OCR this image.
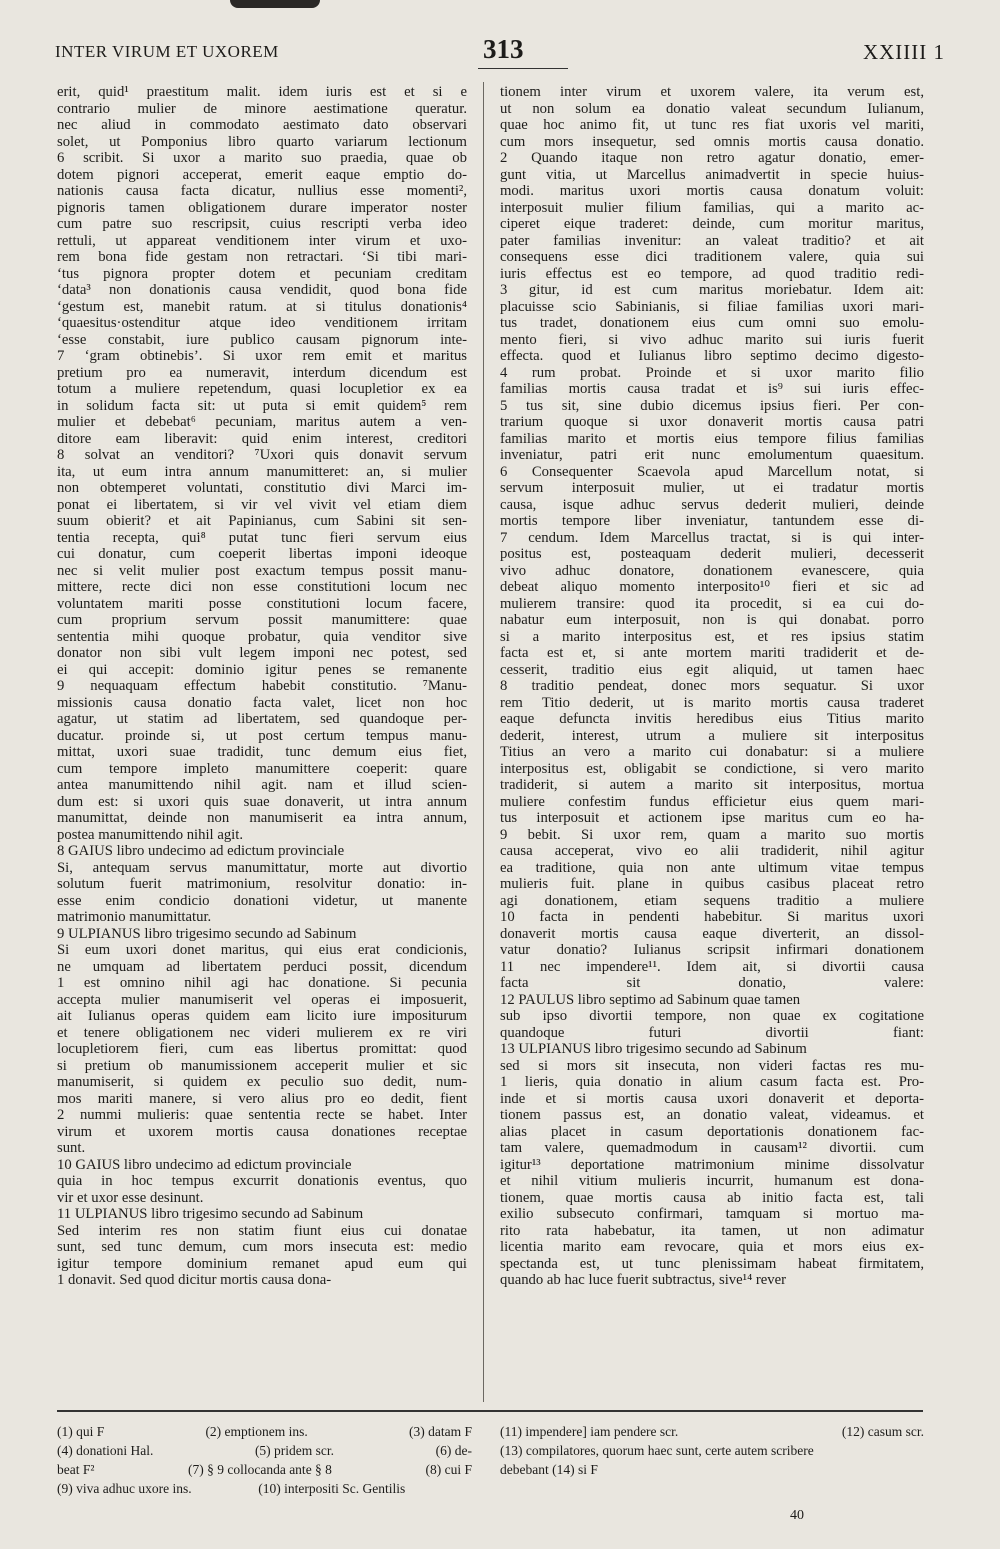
INTER VIRUM ET UXOREM	313	XXIIII 1
erit, quid¹ praestitum malit. idem iuris est et si e
contrario mulier de minore aestimatione queratur.
nec aliud in commodato aestimato dato observari
solet, ut Pomponius libro quarto variarum lectionum
6 scribit. Si uxor a marito suo praedia, quae ob
dotem pignori acceperat, emerit eaque emptio do-
nationis causa facta dicatur, nullius esse momenti²,
pignoris tamen obligationem durare imperator noster
cum patre suo rescripsit, cuius rescripti verba ideo
rettuli, ut appareat venditionem inter virum et uxo-
rem bona fide gestam non retractari. ‘Si tibi mari-
‘tus pignora propter dotem et pecuniam creditam
‘data³ non donationis causa vendidit, quod bona fide
‘gestum est, manebit ratum. at si titulus donationis⁴
‘quaesitus·ostenditur atque ideo venditionem irritam
‘esse constabit, iure publico causam pignorum inte-
7 ‘gram obtinebis’. Si uxor rem emit et maritus
pretium pro ea numeravit, interdum dicendum est
totum a muliere repetendum, quasi locupletior ex ea
in solidum facta sit: ut puta si emit quidem⁵ rem
mulier et debebat⁶ pecuniam, maritus autem a ven-
ditore eam liberavit: quid enim interest, creditori
8 solvat an venditori? ⁷Uxori quis donavit servum
ita, ut eum intra annum manumitteret: an, si mulier
non obtemperet voluntati, constitutio divi Marci im-
ponat ei libertatem, si vir vel vivit vel etiam diem
suum obierit? et ait Papinianus, cum Sabini sit sen-
tentia recepta, qui⁸ putat tunc fieri servum eius
cui donatur, cum coeperit libertas imponi ideoque
nec si velit mulier post exactum tempus possit manu-
mittere, recte dici non esse constitutioni locum nec
voluntatem mariti posse constitutioni locum facere,
cum proprium servum possit manumittere: quae
sententia mihi quoque probatur, quia venditor sive
donator non sibi vult legem imponi nec potest, sed
ei qui accepit: dominio igitur penes se remanente
9 nequaquam effectum habebit constitutio. ⁷Manu-
missionis causa donatio facta valet, licet non hoc
agatur, ut statim ad libertatem, sed quandoque per-
ducatur. proinde si, ut post certum tempus manu-
mittat, uxori suae tradidit, tunc demum eius fiet,
cum tempore impleto manumittere coeperit: quare
antea manumittendo nihil agit. nam et illud scien-
dum est: si uxori quis suae donaverit, ut intra annum
manumittat, deinde non manumiserit ea intra annum,
postea manumittendo nihil agit.
8 GAIUS libro undecimo ad edictum provinciale
Si, antequam servus manumittatur, morte aut divortio
solutum fuerit matrimonium, resolvitur donatio: in-
esse enim condicio donationi videtur, ut manente
matrimonio manumittatur.
9 ULPIANUS libro trigesimo secundo ad Sabinum
Si eum uxori donet maritus, qui eius erat condicionis,
ne umquam ad libertatem perduci possit, dicendum
1 est omnino nihil agi hac donatione. Si pecunia
accepta mulier manumiserit vel operas ei imposuerit,
ait Iulianus operas quidem eam licito iure impositurum
et tenere obligationem nec videri mulierem ex re viri
locupletiorem fieri, cum eas libertus promittat: quod
si pretium ob manumissionem acceperit mulier et sic
manumiserit, si quidem ex peculio suo dedit, num-
mos mariti manere, si vero alius pro eo dedit, fient
2 nummi mulieris: quae sententia recte se habet. Inter
virum et uxorem mortis causa donationes receptae
sunt.
10 GAIUS libro undecimo ad edictum provinciale
quia in hoc tempus excurrit donationis eventus, quo
vir et uxor esse desinunt.
11 ULPIANUS libro trigesimo secundo ad Sabinum
Sed interim res non statim fiunt eius cui donatae
sunt, sed tunc demum, cum mors insecuta est: medio
igitur tempore dominium remanet apud eum qui
1 donavit. Sed quod dicitur mortis causa dona-
tionem inter virum et uxorem valere, ita verum est,
ut non solum ea donatio valeat secundum Iulianum,
quae hoc animo fit, ut tunc res fiat uxoris vel mariti,
cum mors insequetur, sed omnis mortis causa donatio.
2 Quando itaque non retro agatur donatio, emer-
gunt vitia, ut Marcellus animadvertit in specie huius-
modi. maritus uxori mortis causa donatum voluit:
interposuit mulier filium familias, qui a marito ac-
ciperet eique traderet: deinde, cum moritur maritus,
pater familias invenitur: an valeat traditio? et ait
consequens esse dici traditionem valere, quia sui
iuris effectus est eo tempore, ad quod traditio redi-
3 gitur, id est cum maritus moriebatur. Idem ait:
placuisse scio Sabinianis, si filiae familias uxori mari-
tus tradet, donationem eius cum omni suo emolu-
mento fieri, si vivo adhuc marito sui iuris fuerit
effecta. quod et Iulianus libro septimo decimo digesto-
4 rum probat. Proinde et si uxor marito filio
familias mortis causa tradat et is⁹ sui iuris effec-
5 tus sit, sine dubio dicemus ipsius fieri. Per con-
trarium quoque si uxor donaverit mortis causa patri
familias marito et mortis eius tempore filius familias
inveniatur, patri erit nunc emolumentum quaesitum.
6 Consequenter Scaevola apud Marcellum notat, si
servum interposuit mulier, ut ei tradatur mortis
causa, isque adhuc servus dederit mulieri, deinde
mortis tempore liber inveniatur, tantundem esse di-
7 cendum. Idem Marcellus tractat, si is qui inter-
positus est, posteaquam dederit mulieri, decesserit
vivo adhuc donatore, donationem evanescere, quia
debeat aliquo momento interposito¹⁰ fieri et sic ad
mulierem transire: quod ita procedit, si ea cui do-
nabatur eum interposuit, non is qui donabat. porro
si a marito interpositus est, et res ipsius statim
facta est et, si ante mortem mariti tradiderit et de-
cesserit, traditio eius egit aliquid, ut tamen haec
8 traditio pendeat, donec mors sequatur. Si uxor
rem Titio dederit, ut is marito mortis causa traderet
eaque defuncta invitis heredibus eius Titius marito
dederit, interest, utrum a muliere sit interpositus
Titius an vero a marito cui donabatur: si a muliere
interpositus est, obligabit se condictione, si vero marito
tradiderit, si autem a marito sit interpositus, mortua
muliere confestim fundus efficietur eius quem mari-
tus interposuit et actionem ipse maritus cum eo ha-
9 bebit. Si uxor rem, quam a marito suo mortis
causa acceperat, vivo eo alii tradiderit, nihil agitur
ea traditione, quia non ante ultimum vitae tempus
mulieris fuit. plane in quibus casibus placeat retro
agi donationem, etiam sequens traditio a muliere
10 facta in pendenti habebitur. Si maritus uxori
donaverit mortis causa eaque diverterit, an dissol-
vatur donatio? Iulianus scripsit infirmari donationem
11 nec impendere¹¹. Idem ait, si divortii causa
facta sit donatio, valere:
12 PAULUS libro septimo ad Sabinum quae tamen
sub ipso divortii tempore, non quae ex cogitatione
quandoque futuri divortii fiant:
13 ULPIANUS libro trigesimo secundo ad Sabinum
sed si mors sit insecuta, non videri factas res mu-
1 lieris, quia donatio in alium casum facta est. Pro-
inde et si mortis causa uxori donaverit et deporta-
tionem passus est, an donatio valeat, videamus. et
alias placet in casum deportationis donationem fac-
tam valere, quemadmodum in causam¹² divortii. cum
igitur¹³ deportatione matrimonium minime dissolvatur
et nihil vitium mulieris incurrit, humanum est dona-
tionem, quae mortis causa ab initio facta est, tali
exilio subsecuto confirmari, tamquam si mortuo ma-
rito rata habebatur, ita tamen, ut non adimatur
licentia marito eam revocare, quia et mors eius ex-
spectanda est, ut tunc plenissimam habeat firmitatem,
quando ab hac luce fuerit subtractus, sive¹⁴ rever
(1) qui F	(2) emptionem ins.	(3) datam F
(4) donationi Hal.	(5) pridem scr.	(6) de-
beat F²	(7) § 9 collocanda ante § 8	(8) cui F
(9) viva adhuc uxore ins.	(10) interpositi Sc. Gentilis
(11) impendere] iam pendere scr.	(12) casum scr.
(13) compilatores, quorum haec sunt, certe autem scribere
debebant (14) si F
40
